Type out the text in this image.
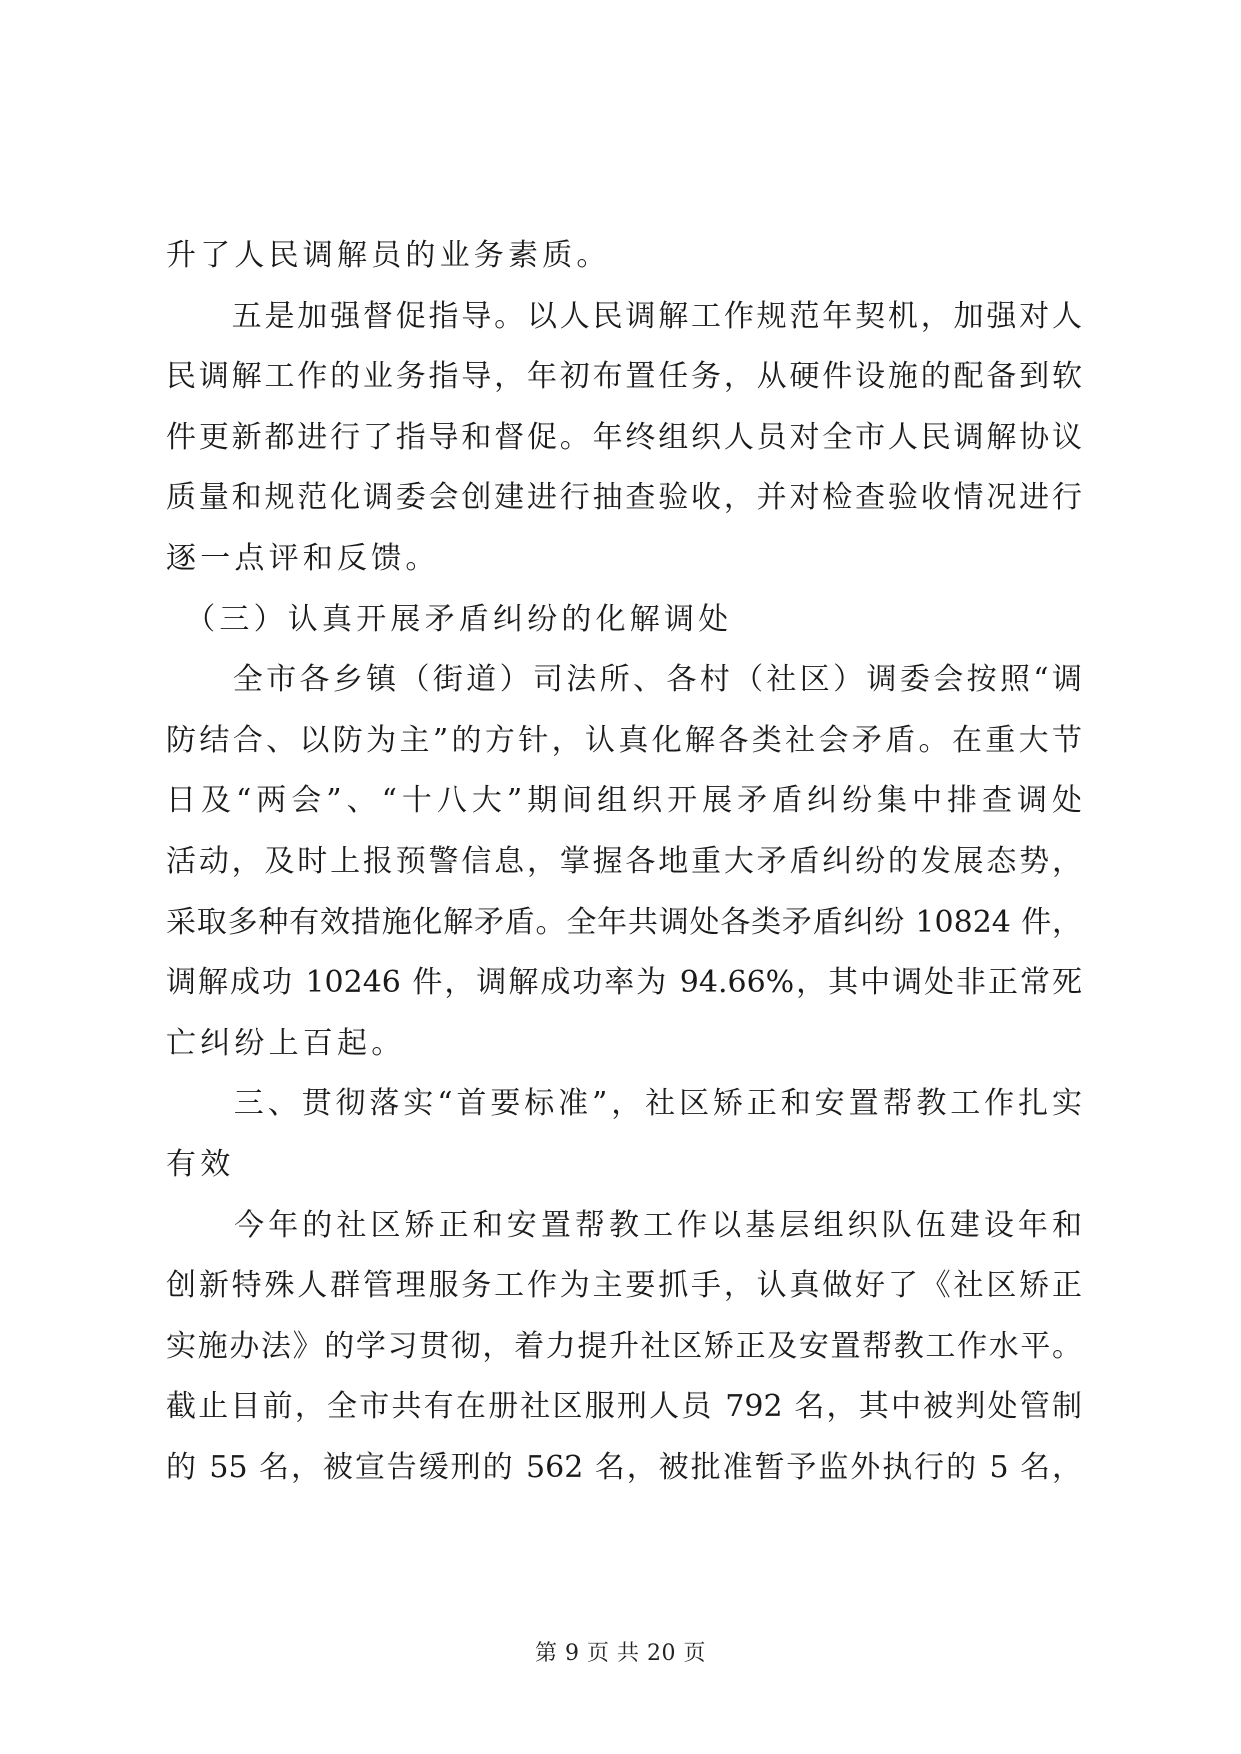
升了人民调解员的业务素质。
　　五是加强督促指导。以人民调解工作规范年契机，加强对人
民调解工作的业务指导，年初布置任务，从硬件设施的配备到软
件更新都进行了指导和督促。年终组织人员对全市人民调解协议
质量和规范化调委会创建进行抽查验收，并对检查验收情况进行
逐一点评和反馈。
　（三）认真开展矛盾纠纷的化解调处
　　全市各乡镇（街道）司法所、各村（社区）调委会按照“调
防结合、以防为主”的方针，认真化解各类社会矛盾。在重大节
日及“两会”、“十八大”期间组织开展矛盾纠纷集中排查调处
活动，及时上报预警信息，掌握各地重大矛盾纠纷的发展态势，
采取多种有效措施化解矛盾。全年共调处各类矛盾纠纷 10824 件，
调解成功 10246 件，调解成功率为 94.66%，其中调处非正常死
亡纠纷上百起。
　　三、贯彻落实“首要标准”，社区矫正和安置帮教工作扎实
有效
　　今年的社区矫正和安置帮教工作以基层组织队伍建设年和
创新特殊人群管理服务工作为主要抓手，认真做好了《社区矫正
实施办法》的学习贯彻，着力提升社区矫正及安置帮教工作水平。
截止目前，全市共有在册社区服刑人员 792 名，其中被判处管制
的 55 名，被宣告缓刑的 562 名，被批准暂予监外执行的 5 名，
第 9 页 共 20 页
